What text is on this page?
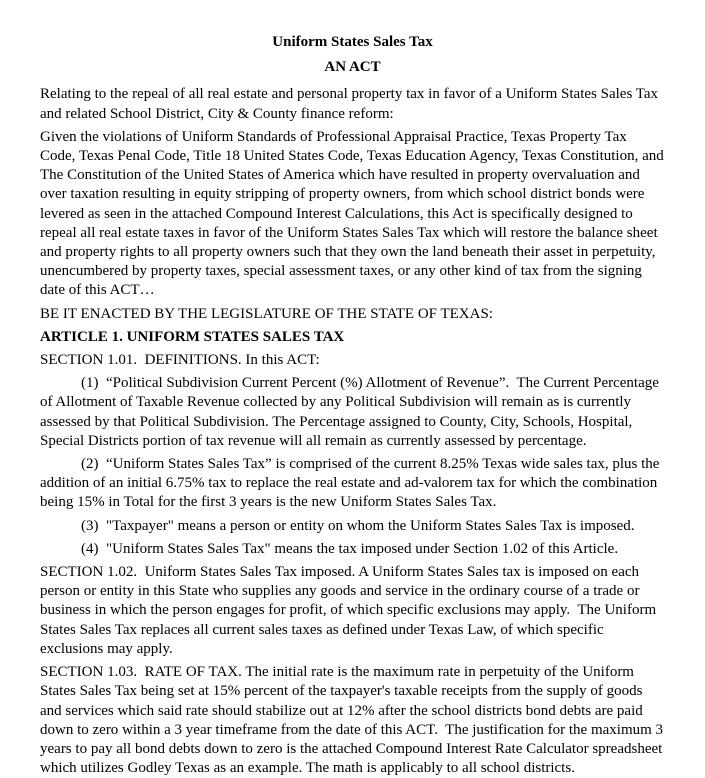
Uniform States Sales Tax
AN ACT

Relating to the repeal of all real estate and personal property tax in favor of a Uniform States Sales Tax and related School District, City & County finance reform:

Given the violations of Uniform Standards of Professional Appraisal Practice, Texas Property Tax Code, Texas Penal Code, Title 18 United States Code, Texas Education Agency, Texas Constitution, and The Constitution of the United States of America which have resulted in property overvaluation and over taxation resulting in equity stripping of property owners, from which school district bonds were levered as seen in the attached Compound Interest Calculations, this Act is specifically designed to repeal all real estate taxes in favor of the Uniform States Sales Tax which will restore the balance sheet and property rights to all property owners such that they own the land beneath their asset in perpetuity, unencumbered by property taxes, special assessment taxes, or any other kind of tax from the signing date of this ACT…

BE IT ENACTED BY THE LEGISLATURE OF THE STATE OF TEXAS:

ARTICLE 1. UNIFORM STATES SALES TAX

SECTION 1.01.  DEFINITIONS. In this ACT:

(1)  “Political Subdivision Current Percent (%) Allotment of Revenue”.  The Current Percentage of Allotment of Taxable Revenue collected by any Political Subdivision will remain as is currently assessed by that Political Subdivision. The Percentage assigned to County, City, Schools, Hospital, Special Districts portion of tax revenue will all remain as currently assessed by percentage.

(2)  “Uniform States Sales Tax” is comprised of the current 8.25% Texas wide sales tax, plus the addition of an initial 6.75% tax to replace the real estate and ad-valorem tax for which the combination being 15% in Total for the first 3 years is the new Uniform States Sales Tax.

(3)  "Taxpayer" means a person or entity on whom the Uniform States Sales Tax is imposed.

(4)  "Uniform States Sales Tax" means the tax imposed under Section 1.02 of this Article.

SECTION 1.02.  Uniform States Sales Tax imposed. A Uniform States Sales tax is imposed on each person or entity in this State who supplies any goods and service in the ordinary course of a trade or business in which the person engages for profit, of which specific exclusions may apply.  The Uniform States Sales Tax replaces all current sales taxes as defined under Texas Law, of which specific exclusions may apply.

SECTION 1.03.  RATE OF TAX. The initial rate is the maximum rate in perpetuity of the Uniform States Sales Tax being set at 15% percent of the taxpayer's taxable receipts from the supply of goods and services which said rate should stabilize out at 12% after the school districts bond debts are paid down to zero within a 3 year timeframe from the date of this ACT.  The justification for the maximum 3 years to pay all bond debts down to zero is the attached Compound Interest Rate Calculator spreadsheet which utilizes Godley Texas as an example. The math is applicably to all school districts.
